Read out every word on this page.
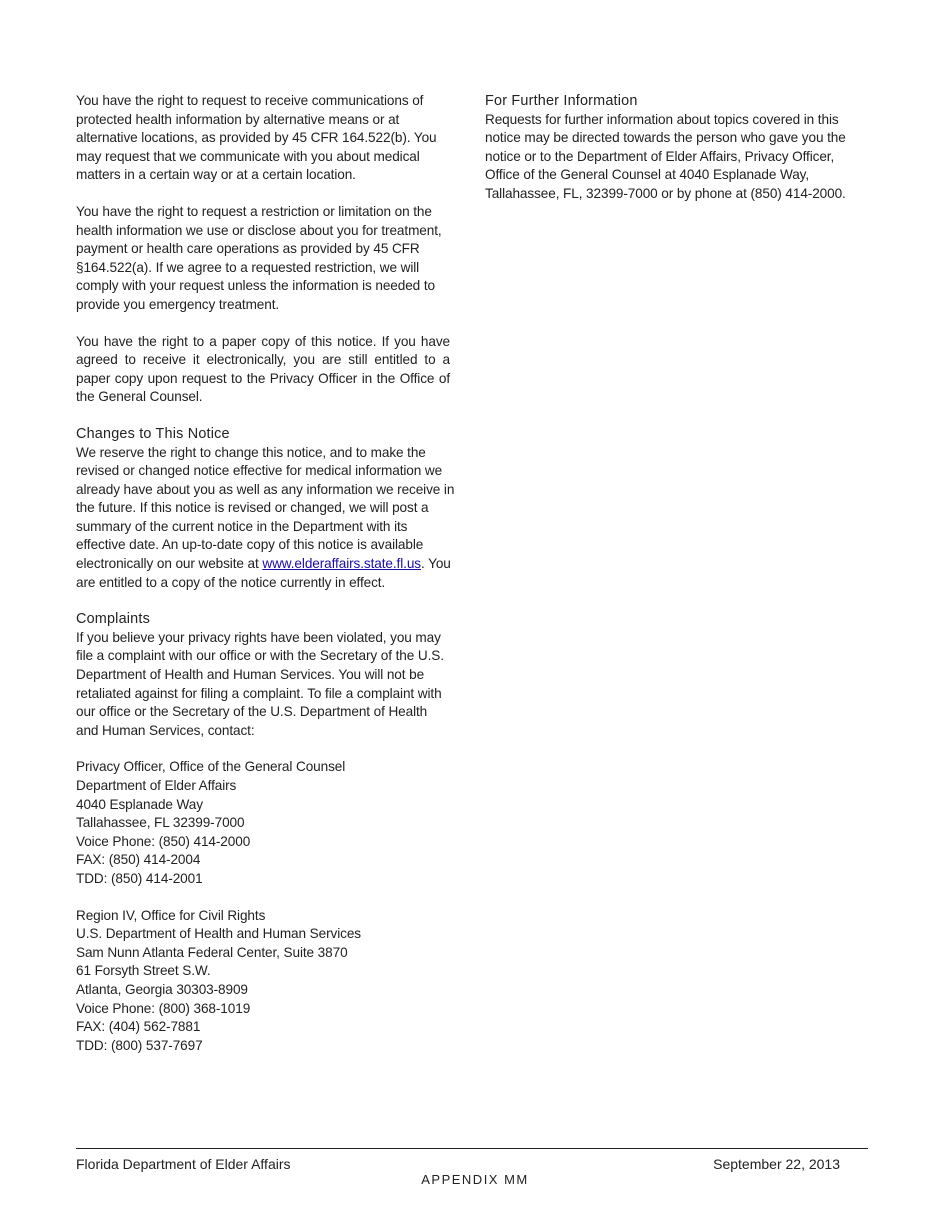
You have the right to request to receive communications of protected health information by alternative means or at alternative locations, as provided by 45 CFR 164.522(b). You may request that we communicate with you about medical matters in a certain way or at a certain location.

You have the right to request a restriction or limitation on the health information we use or disclose about you for treatment, payment or health care operations as provided by 45 CFR §164.522(a). If we agree to a requested restriction, we will comply with your request unless the information is needed to provide you emergency treatment.

You have the right to a paper copy of this notice. If you have agreed to receive it electronically, you are still entitled to a paper copy upon request to the Privacy Officer in the Office of the General Counsel.

Changes to This Notice

We reserve the right to change this notice, and to make the revised or changed notice effective for medical information we already have about you as well as any information we receive in the future. If this notice is revised or changed, we will post a summary of the current notice in the Department with its effective date. An up-to-date copy of this notice is available electronically on our website at www.elderaffairs.state.fl.us. You are entitled to a copy of the notice currently in effect.

Complaints

If you believe your privacy rights have been violated, you may file a complaint with our office or with the Secretary of the U.S. Department of Health and Human Services. You will not be retaliated against for filing a complaint. To file a complaint with our office or the Secretary of the U.S. Department of Health and Human Services, contact:

Privacy Officer, Office of the General Counsel
Department of Elder Affairs
4040 Esplanade Way
Tallahassee, FL 32399-7000
Voice Phone: (850) 414-2000
FAX: (850) 414-2004
TDD: (850) 414-2001
Region IV, Office for Civil Rights
U.S. Department of Health and Human Services
Sam Nunn Atlanta Federal Center, Suite 3870
61 Forsyth Street S.W.
Atlanta, Georgia 30303-8909
Voice Phone: (800) 368-1019
FAX: (404) 562-7881
TDD: (800) 537-7697
For Further Information

Requests for further information about topics covered in this notice may be directed towards the person who gave you the notice or to the Department of Elder Affairs, Privacy Officer, Office of the General Counsel at 4040 Esplanade Way, Tallahassee, FL, 32399-7000 or by phone at (850) 414-2000.

Florida Department of Elder Affairs	September 22, 2013
APPENDIX MM
